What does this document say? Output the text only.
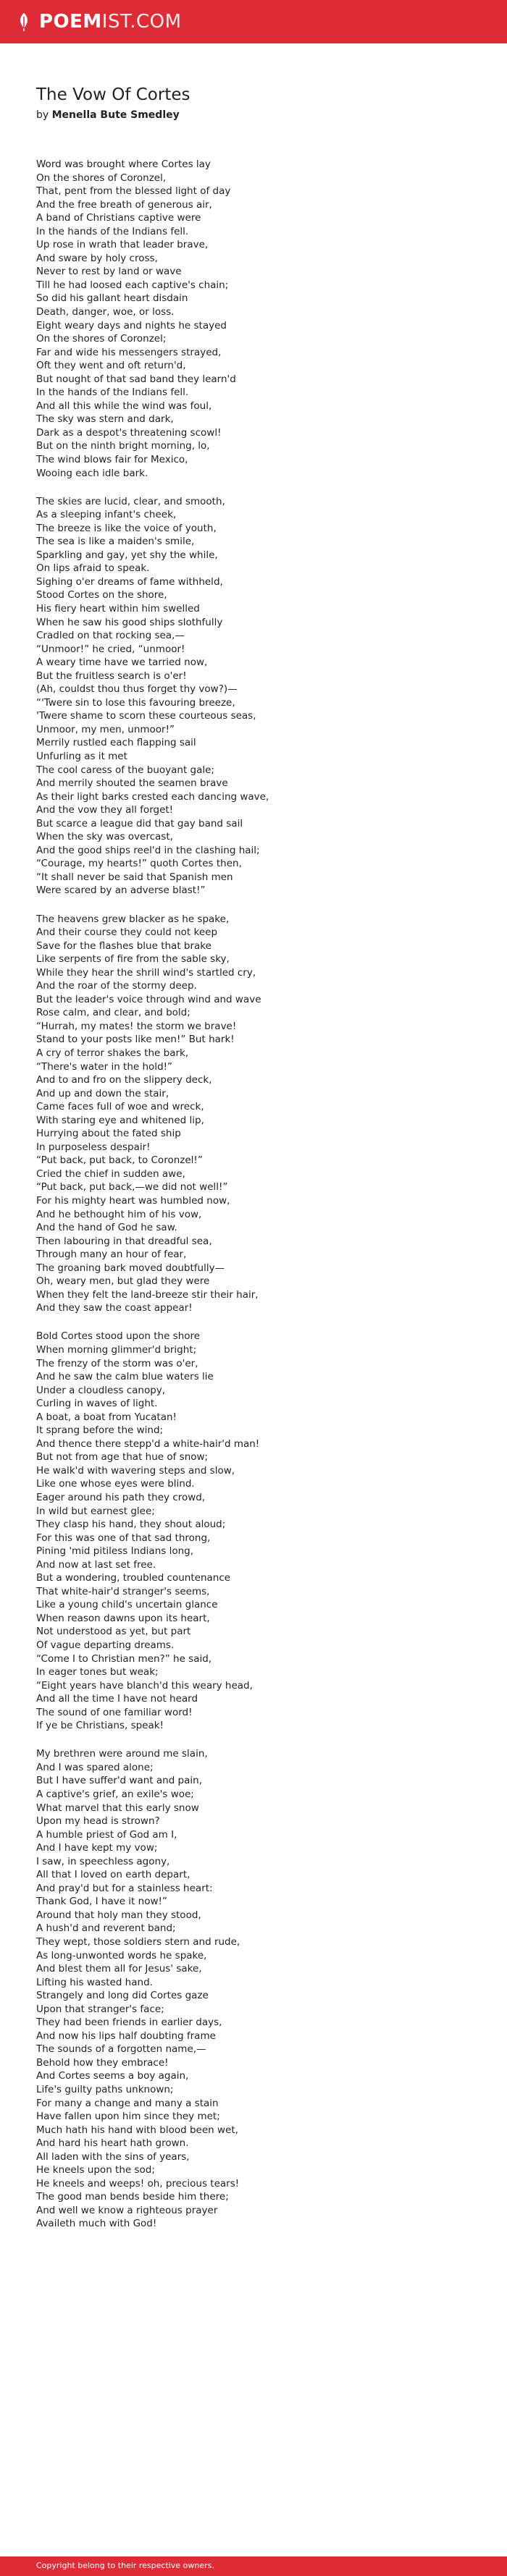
POEM IST.COM
The Vow Of Cortes
by Menella Bute Smedley
Word was brought where Cortes lay
On the shores of Coronzel,
That, pent from the blessed light of day
And the free breath of generous air,
A band of Christians captive were
In the hands of the Indians fell.
Up rose in wrath that leader brave,
And sware by holy cross,
Never to rest by land or wave
Till he had loosed each captive's chain;
So did his gallant heart disdain
Death, danger, woe, or loss.
Eight weary days and nights he stayed
On the shores of Coronzel;
Far and wide his messengers strayed,
Oft they went and oft return'd,
But nought of that sad band they learn'd
In the hands of the Indians fell.
And all this while the wind was foul,
The sky was stern and dark,
Dark as a despot's threatening scowl!
But on the ninth bright morning, lo,
The wind blows fair for Mexico,
Wooing each idle bark.
The skies are lucid, clear, and smooth,
As a sleeping infant's cheek,
The breeze is like the voice of youth,
The sea is like a maiden's smile,
Sparkling and gay, yet shy the while,
On lips afraid to speak.
Sighing o'er dreams of fame withheld,
Stood Cortes on the shore,
His fiery heart within him swelled
When he saw his good ships slothfully
Cradled on that rocking sea,—
“Unmoor!” he cried, “unmoor!
A weary time have we tarried now,
But the fruitless search is o'er!
(Ah, couldst thou thus forget thy vow?)—
“'Twere sin to lose this favouring breeze,
'Twere shame to scorn these courteous seas,
Unmoor, my men, unmoor!”
Merrily rustled each flapping sail
Unfurling as it met
The cool caress of the buoyant gale;
And merrily shouted the seamen brave
As their light barks crested each dancing wave,
And the vow they all forget!
But scarce a league did that gay band sail
When the sky was overcast,
And the good ships reel'd in the clashing hail;
“Courage, my hearts!” quoth Cortes then,
“It shall never be said that Spanish men
Were scared by an adverse blast!”
The heavens grew blacker as he spake,
And their course they could not keep
Save for the flashes blue that brake
Like serpents of fire from the sable sky,
While they hear the shrill wind's startled cry,
And the roar of the stormy deep.
But the leader's voice through wind and wave
Rose calm, and clear, and bold;
“Hurrah, my mates! the storm we brave!
Stand to your posts like men!” But hark!
A cry of terror shakes the bark,
“There's water in the hold!”
And to and fro on the slippery deck,
And up and down the stair,
Came faces full of woe and wreck,
With staring eye and whitened lip,
Hurrying about the fated ship
In purposeless despair!
“Put back, put back, to Coronzel!”
Cried the chief in sudden awe,
“Put back, put back,—we did not well!”
For his mighty heart was humbled now,
And he bethought him of his vow,
And the hand of God he saw.
Then labouring in that dreadful sea,
Through many an hour of fear,
The groaning bark moved doubtfully—
Oh, weary men, but glad they were
When they felt the land-breeze stir their hair,
And they saw the coast appear!
Bold Cortes stood upon the shore
When morning glimmer'd bright;
The frenzy of the storm was o'er,
And he saw the calm blue waters lie
Under a cloudless canopy,
Curling in waves of light.
A boat, a boat from Yucatan!
It sprang before the wind;
And thence there stepp'd a white-hair'd man!
But not from age that hue of snow;
He walk'd with wavering steps and slow,
Like one whose eyes were blind.
Eager around his path they crowd,
In wild but earnest glee;
They clasp his hand, they shout aloud;
For this was one of that sad throng,
Pining 'mid pitiless Indians long,
And now at last set free.
But a wondering, troubled countenance
That white-hair'd stranger's seems,
Like a young child's uncertain glance
When reason dawns upon its heart,
Not understood as yet, but part
Of vague departing dreams.
“Come I to Christian men?” he said,
In eager tones but weak;
“Eight years have blanch'd this weary head,
And all the time I have not heard
The sound of one familiar word!
If ye be Christians, speak!
My brethren were around me slain,
And I was spared alone;
But I have suffer'd want and pain,
A captive's grief, an exile's woe;
What marvel that this early snow
Upon my head is strown?
A humble priest of God am I,
And I have kept my vow;
I saw, in speechless agony,
All that I loved on earth depart,
And pray'd but for a stainless heart:
Thank God, I have it now!”
Around that holy man they stood,
A hush'd and reverent band;
They wept, those soldiers stern and rude,
As long-unwonted words he spake,
And blest them all for Jesus' sake,
Lifting his wasted hand.
Strangely and long did Cortes gaze
Upon that stranger's face;
They had been friends in earlier days,
And now his lips half doubting frame
The sounds of a forgotten name,—
Behold how they embrace!
And Cortes seems a boy again,
Life's guilty paths unknown;
For many a change and many a stain
Have fallen upon him since they met;
Much hath his hand with blood been wet,
And hard his heart hath grown.
All laden with the sins of years,
He kneels upon the sod;
He kneels and weeps! oh, precious tears!
The good man bends beside him there;
And well we know a righteous prayer
Availeth much with God!
Copyright belong to their respective owners.
